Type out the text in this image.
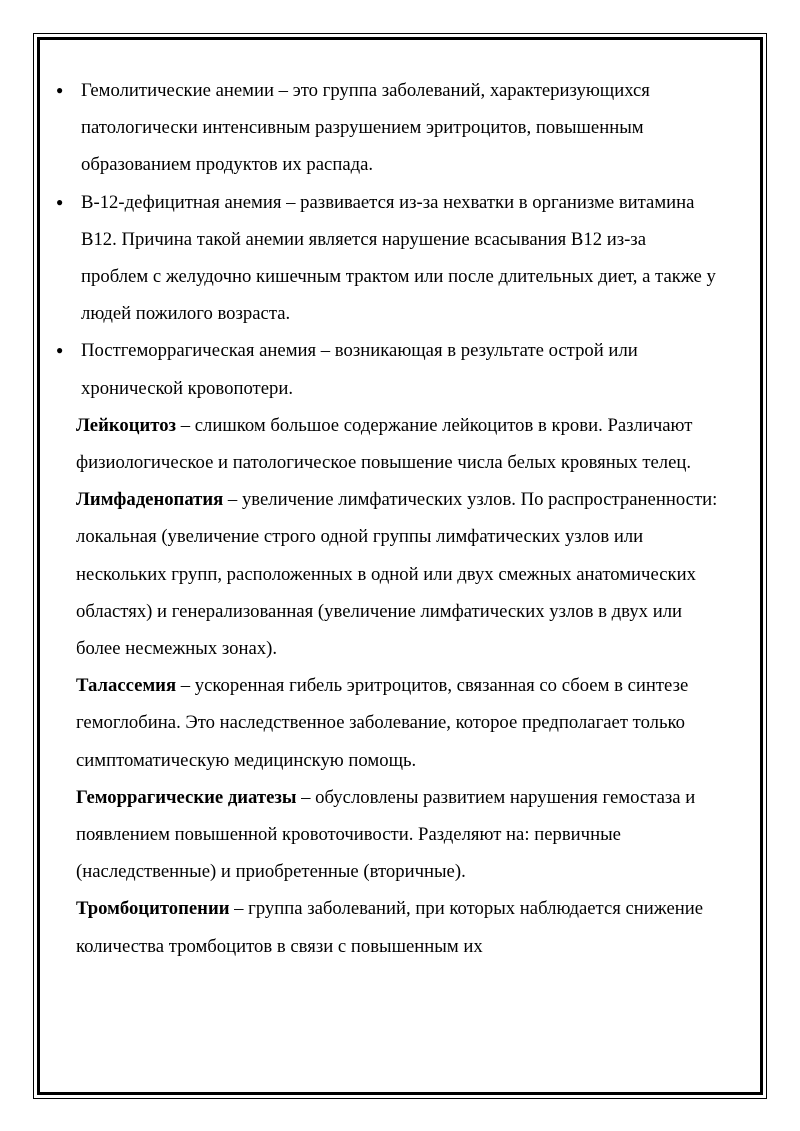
● Гемолитические анемии – это группа заболеваний, характеризующихся патологически интенсивным разрушением эритроцитов, повышенным образованием продуктов их распада.
● В-12-дефицитная анемия – развивается из-за нехватки в организме витамина B12. Причина такой анемии является нарушение всасывания B12 из-за проблем с желудочно кишечным трактом или после длительных диет, а также у людей пожилого возраста.
● Постгеморрагическая анемия – возникающая в результате острой или хронической кровопотери.

Лейкоцитоз – слишком большое содержание лейкоцитов в крови. Различают физиологическое и патологическое повышение числа белых кровяных телец.

Лимфаденопатия – увеличение лимфатических узлов. По распространенности: локальная (увеличение строго одной группы лимфатических узлов или нескольких групп, расположенных в одной или двух смежных анатомических областях) и генерализованная (увеличение лимфатических узлов в двух или более несмежных зонах).

Талассемия – ускоренная гибель эритроцитов, связанная со сбоем в синтезе гемоглобина. Это наследственное заболевание, которое предполагает только симптоматическую медицинскую помощь.

Геморрагические диатезы – обусловлены развитием нарушения гемостаза и появлением повышенной кровоточивости. Разделяют на: первичные (наследственные) и приобретенные (вторичные).

Тромбоцитопении – группа заболеваний, при которых наблюдается снижение количества тромбоцитов в связи с повышенным их
